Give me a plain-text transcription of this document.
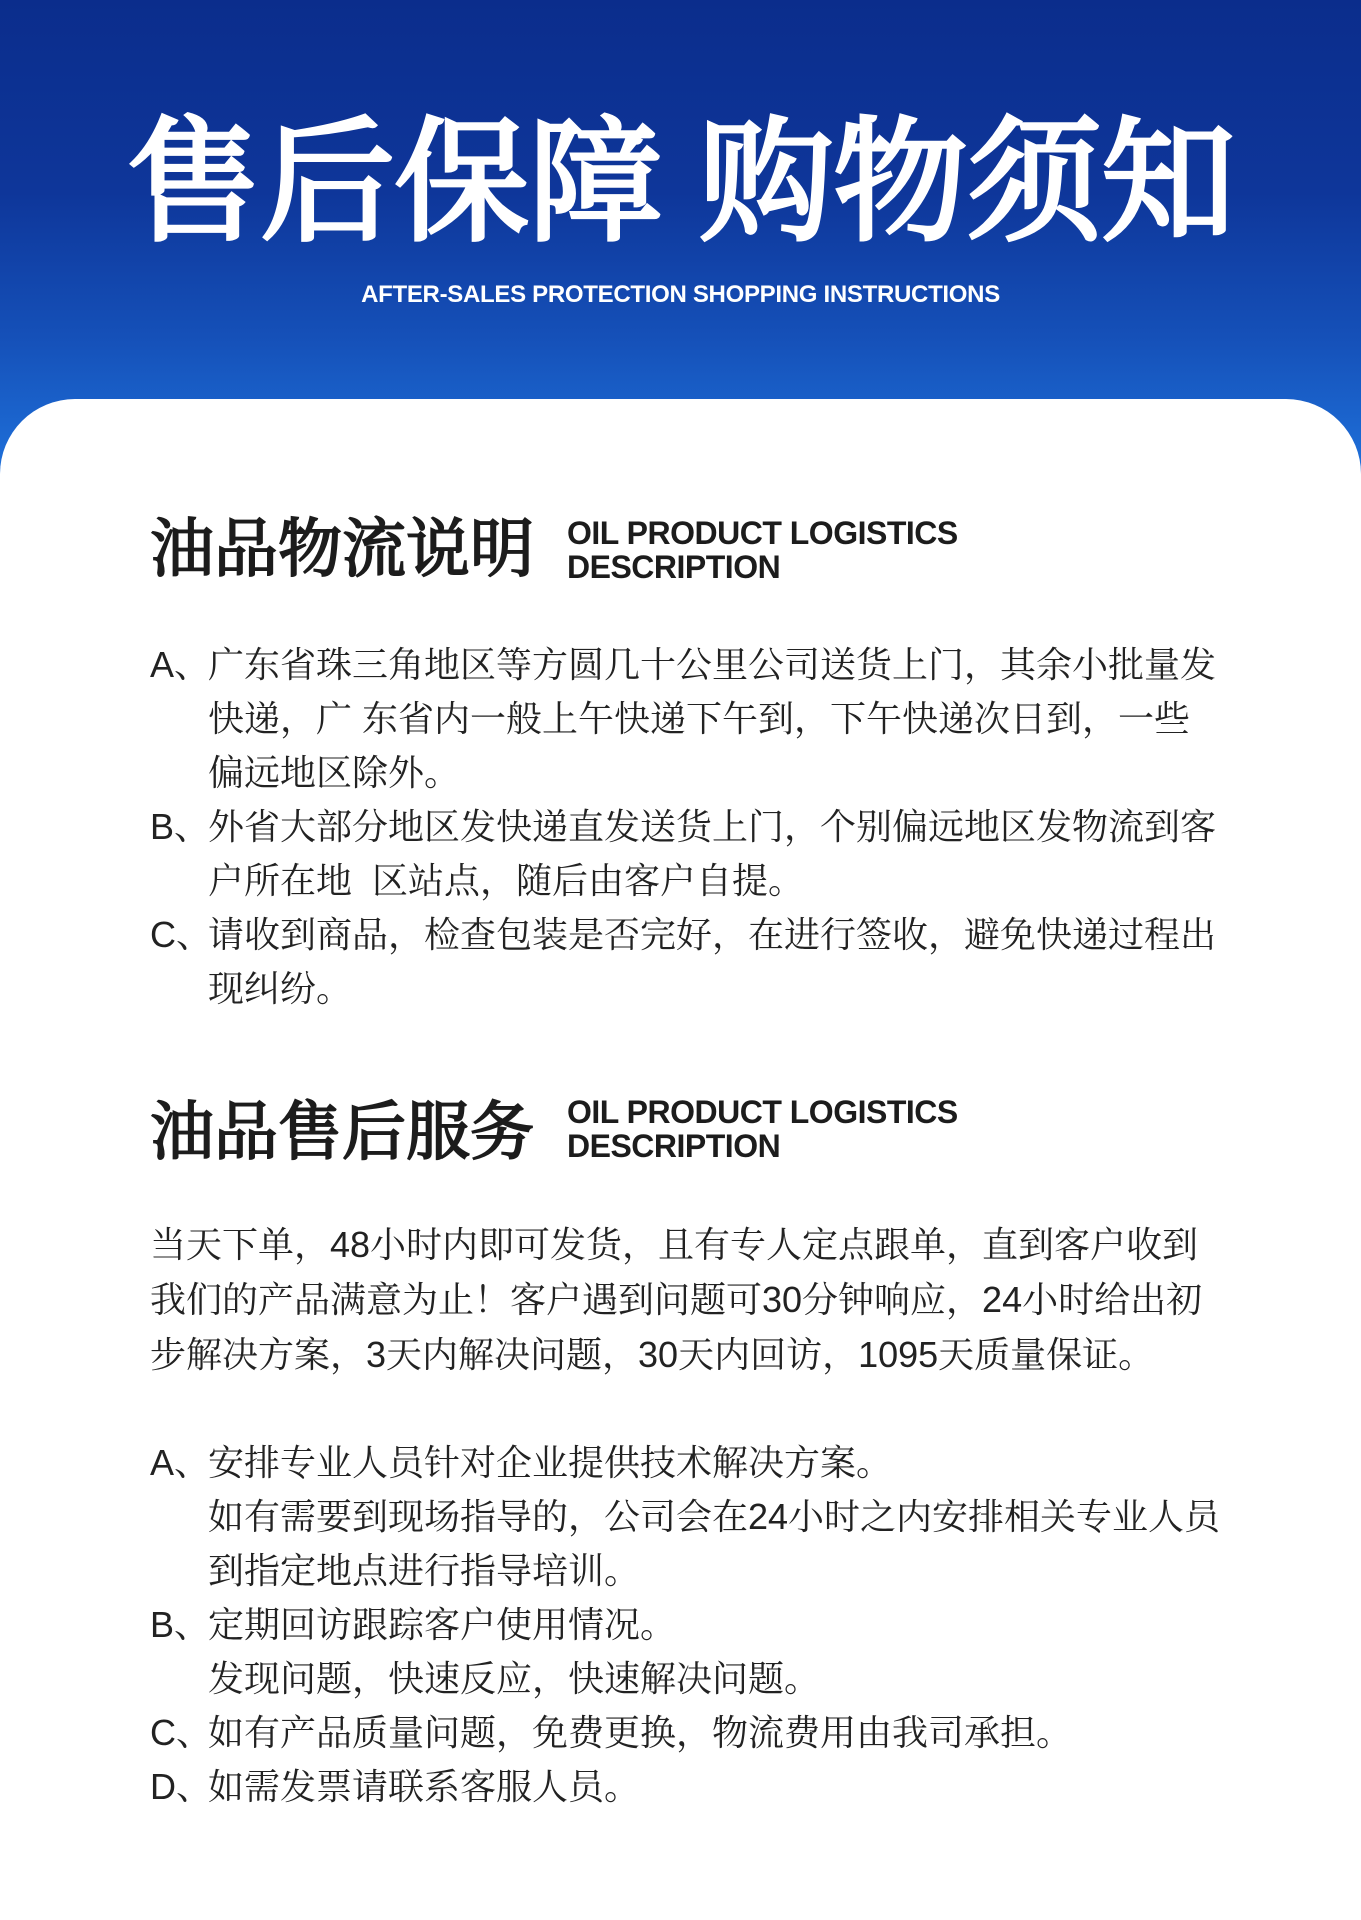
售后保障 购物须知
AFTER-SALES PROTECTION SHOPPING INSTRUCTIONS
油品物流说明 OIL PRODUCT LOGISTICS
DESCRIPTION
A、
广东省珠三角地区等方圆几十公里公司送货上门，其余小批量发
快递，广 东省内一般上午快递下午到，下午快递次日到，一些
偏远地区除外。
B、
外省大部分地区发快递直发送货上门，个别偏远地区发物流到客
户所在地  区站点，随后由客户自提。
C、
请收到商品，检查包装是否完好，在进行签收，避免快递过程出
现纠纷。
油品售后服务 OIL PRODUCT LOGISTICS
DESCRIPTION
当天下单，48小时内即可发货，且有专人定点跟单，直到客户收到
我们的产品满意为止！客户遇到问题可30分钟响应，24小时给出初
步解决方案，3天内解决问题，30天内回访，1095天质量保证。
A、
安排专业人员针对企业提供技术解决方案。
如有需要到现场指导的，公司会在24小时之内安排相关专业人员
到指定地点进行指导培训。
B、
定期回访跟踪客户使用情况。
发现问题，快速反应，快速解决问题。
C、
如有产品质量问题，免费更换，物流费用由我司承担。
D、
如需发票请联系客服人员。
